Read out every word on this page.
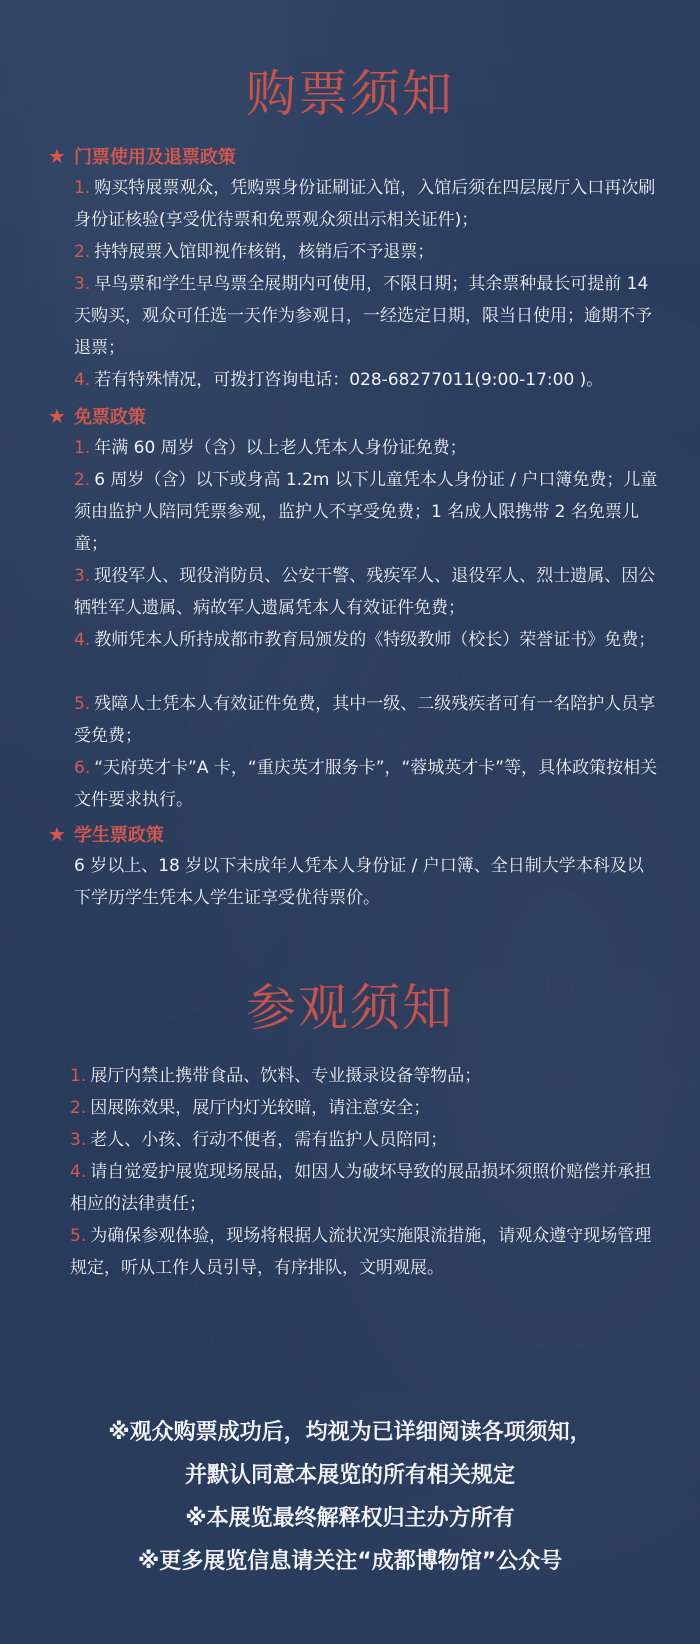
购票须知
★ 门票使用及退票政策

1. 购买特展票观众，凭购票身份证刷证入馆，入馆后须在四层展厅入口再次刷身份证核验(享受优待票和免票观众须出示相关证件)；

2. 持特展票入馆即视作核销，核销后不予退票；

3. 早鸟票和学生早鸟票全展期内可使用，不限日期；其余票种最长可提前 14 天购买，观众可任选一天作为参观日，一经选定日期，限当日使用；逾期不予退票；

4. 若有特殊情况，可拨打咨询电话：028-68277011(9:00-17:00 )。

★ 免票政策

1. 年满 60 周岁（含）以上老人凭本人身份证免费；

2. 6 周岁（含）以下或身高 1.2m 以下儿童凭本人身份证 / 户口簿免费；儿童须由监护人陪同凭票参观，监护人不享受免费；1 名成人限携带 2 名免票儿童；

3. 现役军人、现役消防员、公安干警、残疾军人、退役军人、烈士遗属、因公牺牲军人遗属、病故军人遗属凭本人有效证件免费；

4. 教师凭本人所持成都市教育局颁发的《特级教师（校长）荣誉证书》免费；

5. 残障人士凭本人有效证件免费，其中一级、二级残疾者可有一名陪护人员享受免费；

6. “天府英才卡”A 卡，“重庆英才服务卡”，“蓉城英才卡”等，具体政策按相关文件要求执行。

★ 学生票政策

6 岁以上、18 岁以下未成年人凭本人身份证 / 户口簿、全日制大学本科及以下学历学生凭本人学生证享受优待票价。

参观须知

1. 展厅内禁止携带食品、饮料、专业摄录设备等物品；

2. 因展陈效果，展厅内灯光较暗，请注意安全；

3. 老人、小孩、行动不便者，需有监护人员陪同；

4. 请自觉爱护展览现场展品，如因人为破坏导致的展品损坏须照价赔偿并承担相应的法律责任；

5. 为确保参观体验，现场将根据人流状况实施限流措施，请观众遵守现场管理规定，听从工作人员引导，有序排队，文明观展。

※观众购票成功后，均视为已详细阅读各项须知，

并默认同意本展览的所有相关规定

※本展览最终解释权归主办方所有

※更多展览信息请关注“成都博物馆”公众号
